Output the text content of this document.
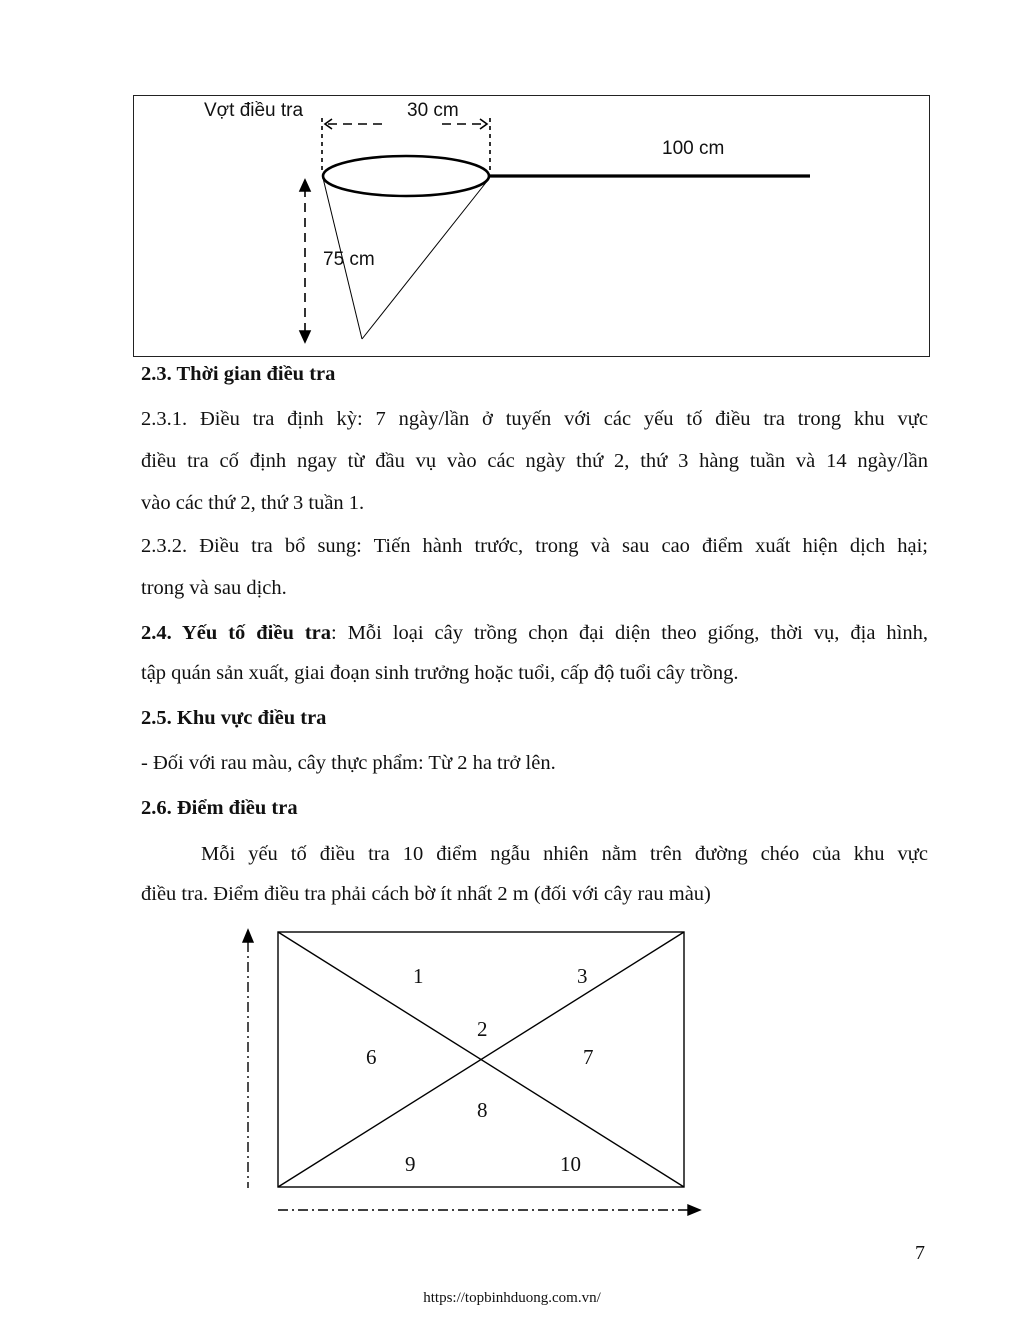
Vợt điều tra	30 cm
100 cm
75 cm

2.3. Thời gian điều tra

2.3.1. Điều tra định kỳ: 7 ngày/lần ở tuyến với các yếu tố điều tra trong khu vực

điều tra cố định ngay từ đầu vụ vào các ngày thứ 2, thứ 3 hàng tuần và 14 ngày/lần

vào các thứ 2, thứ 3 tuần 1.

2.3.2. Điều tra bổ sung: Tiến hành trước, trong và sau cao điểm xuất hiện dịch hại;

trong và sau dịch.

2.4. Yếu tố điều tra: Mỗi loại cây trồng chọn đại diện theo giống, thời vụ, địa hình,

tập quán sản xuất, giai đoạn sinh trưởng hoặc tuổi, cấp độ tuổi cây trồng.

2.5. Khu vực điều tra

- Đối với rau màu, cây thực phẩm: Từ 2 ha trở lên.

2.6. Điểm điều tra

Mỗi yếu tố điều tra 10 điểm ngẫu nhiên nằm trên đường chéo của khu vực

điều tra. Điểm điều tra phải cách bờ ít nhất 2 m (đối với cây rau màu)

1	3
2
6	7
8
9	10
7
https://topbinhduong.com.vn/
